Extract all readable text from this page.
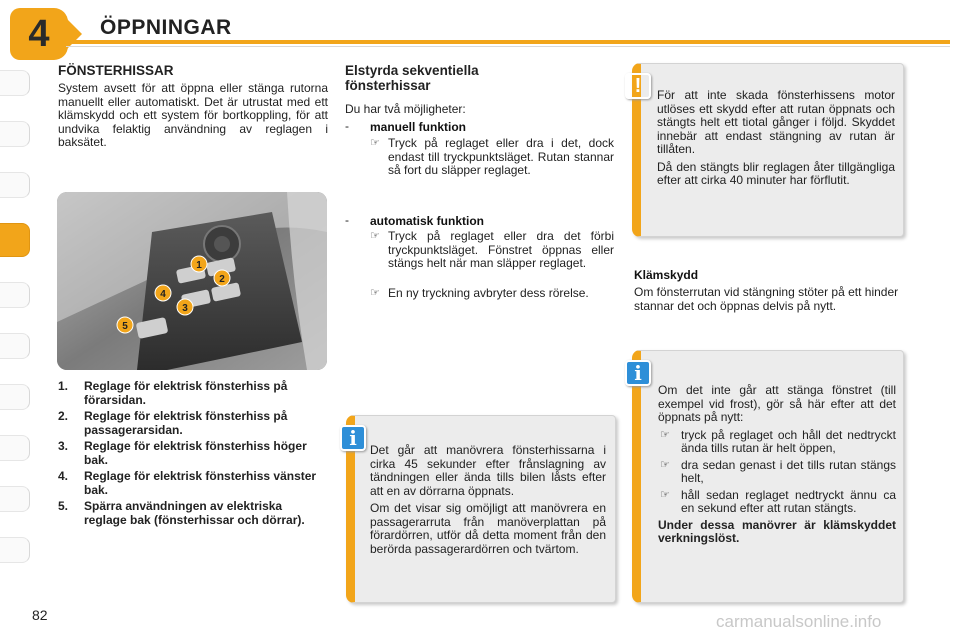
4 ÖPPNINGAR
FÖNSTERHISSAR
System avsett för att öppna eller stänga rutorna manuellt eller automatiskt. Det är utrustat med ett klämskydd och ett system för bortkoppling, för att undvika felaktig användning av reglagen i baksätet.
1
2
3
4
5
1. Reglage för elektrisk fönsterhiss på förarsidan.
2. Reglage för elektrisk fönsterhiss på passagerarsidan.
3. Reglage för elektrisk fönsterhiss höger bak.
4. Reglage för elektrisk fönsterhiss vänster bak.
5. Spärra användningen av elektriska reglage bak (fönsterhissar och dörrar).
Elstyrda sekventiella fönsterhissar
Du har två möjligheter:
- manuell funktion
☞ Tryck på reglaget eller dra i det, dock endast till tryckpunktsläget. Rutan stannar så fort du släpper reglaget.
- automatisk funktion
☞ Tryck på reglaget eller dra det förbi tryckpunktsläget. Fönstret öppnas eller stängs helt när man släpper reglaget.
☞ En ny tryckning avbryter dess rörelse.
i	Det går att manövrera fönsterhissarna i cirka 45 sekunder efter frånslagning av tändningen eller ända tills bilen låsts efter att en av dörrarna öppnats.

Om det visar sig omöjligt att manövrera en passagerarruta från manöverplattan på förardörren, utför då detta moment från den berörda passagerardörren och tvärtom.

!	För att inte skada fönsterhissens motor utlöses ett skydd efter att rutan öppnats och stängts helt ett tiotal gånger i följd. Skyddet innebär att endast stängning av rutan är tillåten.

Då den stängts blir reglagen åter tillgängliga efter att cirka 40 minuter har förflutit.

Klämskydd
Om fönsterrutan vid stängning stöter på ett hinder stannar det och öppnas delvis på nytt.
i

Om det inte går att stänga fönstret (till exempel vid frost), gör så här efter att det öppnats på nytt:

☞ tryck på reglaget och håll det nedtryckt ända tills rutan är helt öppen,
☞ dra sedan genast i det tills rutan stängs helt,
☞ håll sedan reglaget nedtryckt ännu ca en sekund efter att rutan stängts.

Under dessa manövrer är klämskyddet verkningslöst.

82	carmanualsonline.info
